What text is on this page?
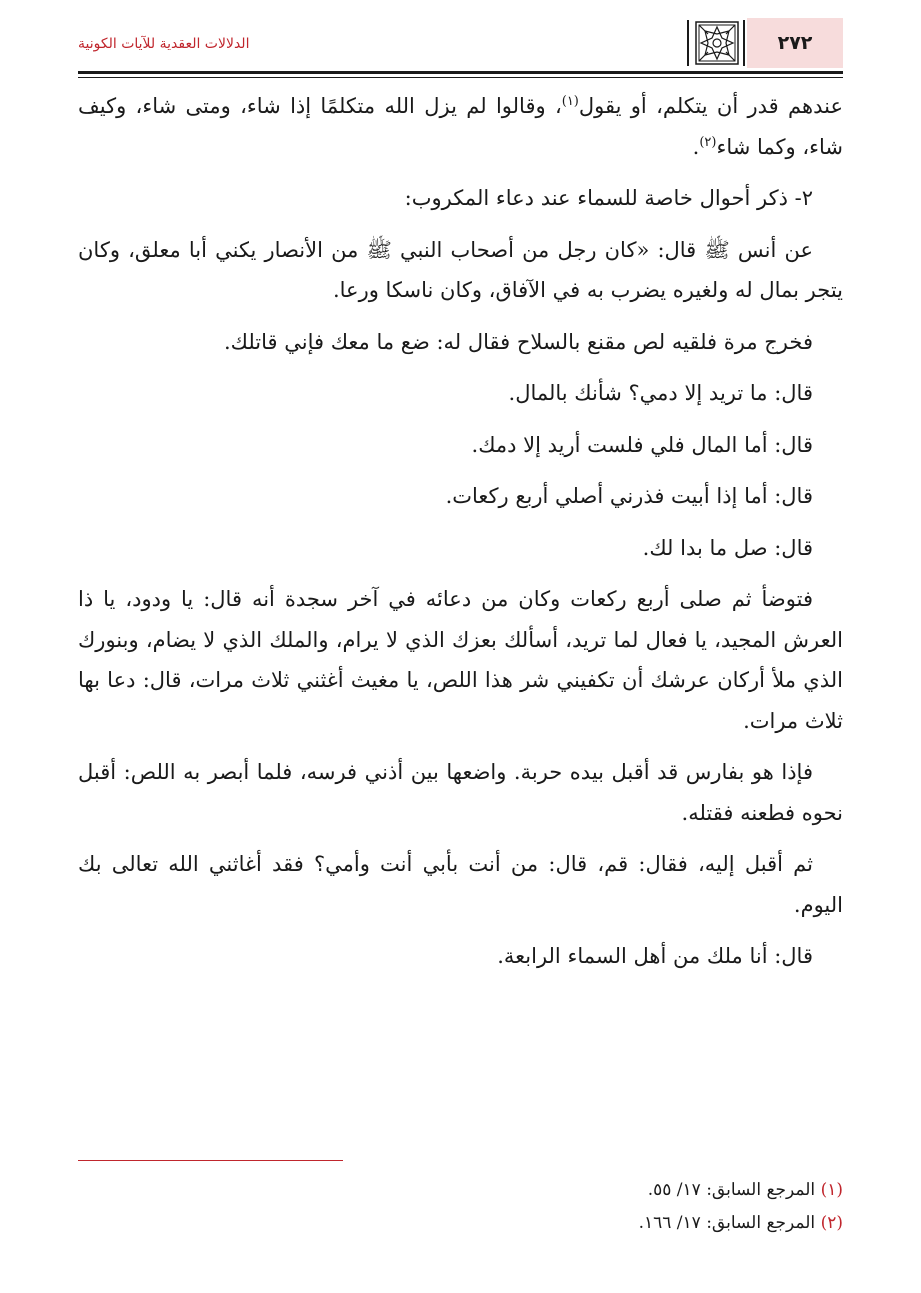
٢٧٢
الدلالات العقدية للآيات الكونية

عندهم قدر أن يتكلم، أو يقول$^{(١)}$، وقالوا لم يزل الله متكلمًا إذا شاء، ومتى شاء، وكيف شاء، وكما شاء$^{(٢)}$.

٢- ذكر أحوال خاصة للسماء عند دعاء المكروب:

عن أنس ﷺ قال: «كان رجل من أصحاب النبي ﷺ من الأنصار يكني أبا معلق، وكان يتجر بمال له ولغيره يضرب به في الآفاق، وكان ناسكا ورعا.

فخرج مرة فلقيه لص مقنع بالسلاح فقال له: ضع ما معك فإني قاتلك.

قال: ما تريد إلا دمي؟ شأنك بالمال.

قال: أما المال فلي فلست أريد إلا دمك.

قال: أما إذا أبيت فذرني أصلي أربع ركعات.

قال: صل ما بدا لك.

فتوضأ ثم صلى أربع ركعات وكان من دعائه في آخر سجدة أنه قال: يا ودود، يا ذا العرش المجيد، يا فعال لما تريد، أسألك بعزك الذي لا يرام، والملك الذي لا يضام، وبنورك الذي ملأ أركان عرشك أن تكفيني شر هذا اللص، يا مغيث أغثني ثلاث مرات، قال: دعا بها ثلاث مرات.

فإذا هو بفارس قد أقبل بيده حربة. واضعها بين أذني فرسه، فلما أبصر به اللص: أقبل نحوه فطعنه فقتله.

ثم أقبل إليه، فقال: قم، قال: من أنت بأبي أنت وأمي؟ فقد أغاثني الله تعالى بك اليوم.

قال: أنا ملك من أهل السماء الرابعة.

(١) المرجع السابق: ١٧/ ٥٥.

(٢) المرجع السابق: ١٧/ ١٦٦.
